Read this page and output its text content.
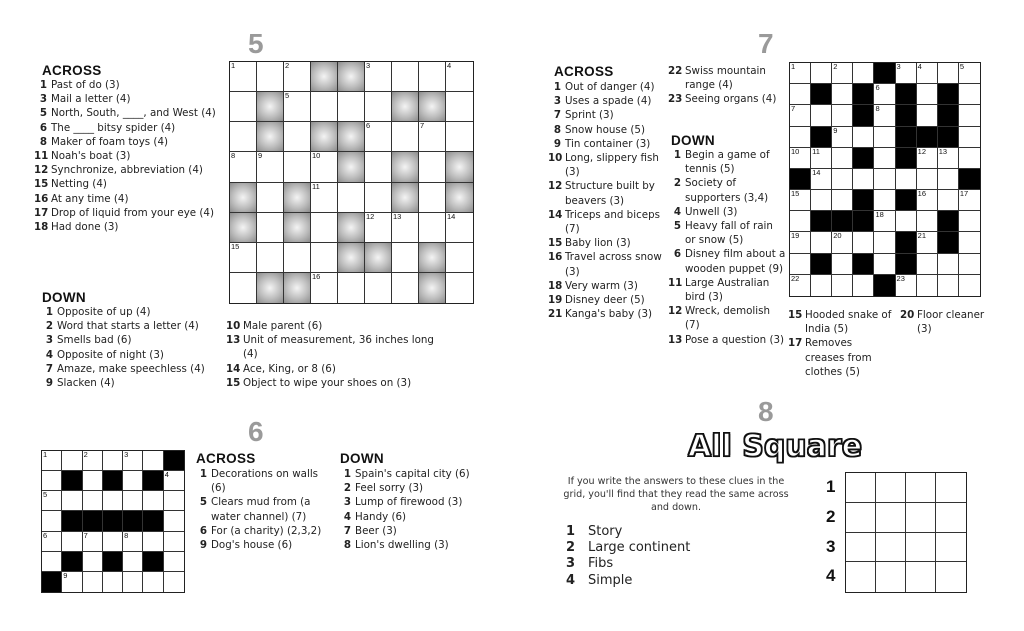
5
ACROSS
1 Past of do (3)
3 Mail a letter (4)
5 North, South, ____, and West (4)
6 The ____ bitsy spider (4)
8 Maker of foam toys (4)
11 Noah's boat (3)
12 Synchronize, abbreviation (4)
15 Netting (4)
16 At any time (4)
17 Drop of liquid from your eye (4)
18 Had done (3)
DOWN
1 Opposite of up (4)
2 Word that starts a letter (4)
3 Smells bad (6)
4 Opposite of night (3)
7 Amaze, make speechless (4)
9 Slacken (4)
10 Male parent (6)
13 Unit of measurement, 36 inches long (4)
14 Ace, King, or 8 (6)
15 Object to wipe your shoes on (3)
1	2	3	4
5
6	7
8	9	10
11
12 13	14
15
16
6
1	2	3
4
5
6	7	8
9
ACROSS
1 Decorations on walls (6)
5 Clears mud from (a water channel) (7)
6 For (a charity) (2,3,2)
9 Dog's house (6)
DOWN
1 Spain's capital city (6)
2 Feel sorry (3)
3 Lump of firewood (3)
4 Handy (6)
7 Beer (3)
8 Lion's dwelling (3)
7
ACROSS
1 Out of danger (4)
3 Uses a spade (4)
7 Sprint (3)
8 Snow house (5)
9 Tin container (3)
10 Long, slippery fish (3)
12 Structure built by beavers (3)
14 Triceps and biceps (7)
15 Baby lion (3)
16 Travel across snow (3)
18 Very warm (3)
19 Disney deer (5)
21 Kanga's baby (3)
22 Swiss mountain range (4)
23 Seeing organs (4)
DOWN
1 Begin a game of tennis (5)
2 Society of supporters (3,4)
4 Unwell (3)
5 Heavy fall of rain or snow (5)
6 Disney film about a wooden puppet (9)
11 Large Australian bird (3)
12 Wreck, demolish (7)
13 Pose a question (3)
15 Hooded snake of India (5)
17 Removes creases from clothes (5)
20 Floor cleaner (3)
1	2	3 4	5
6
7	8
9
10 11	12 13
14
15	16	17
18
19	20	21
22	23
8
All Square
If you write the answers to these clues in the grid, you'll find that they read the same across and down.
1 Story
2 Large continent
3 Fibs
4 Simple
1
2
3
4
